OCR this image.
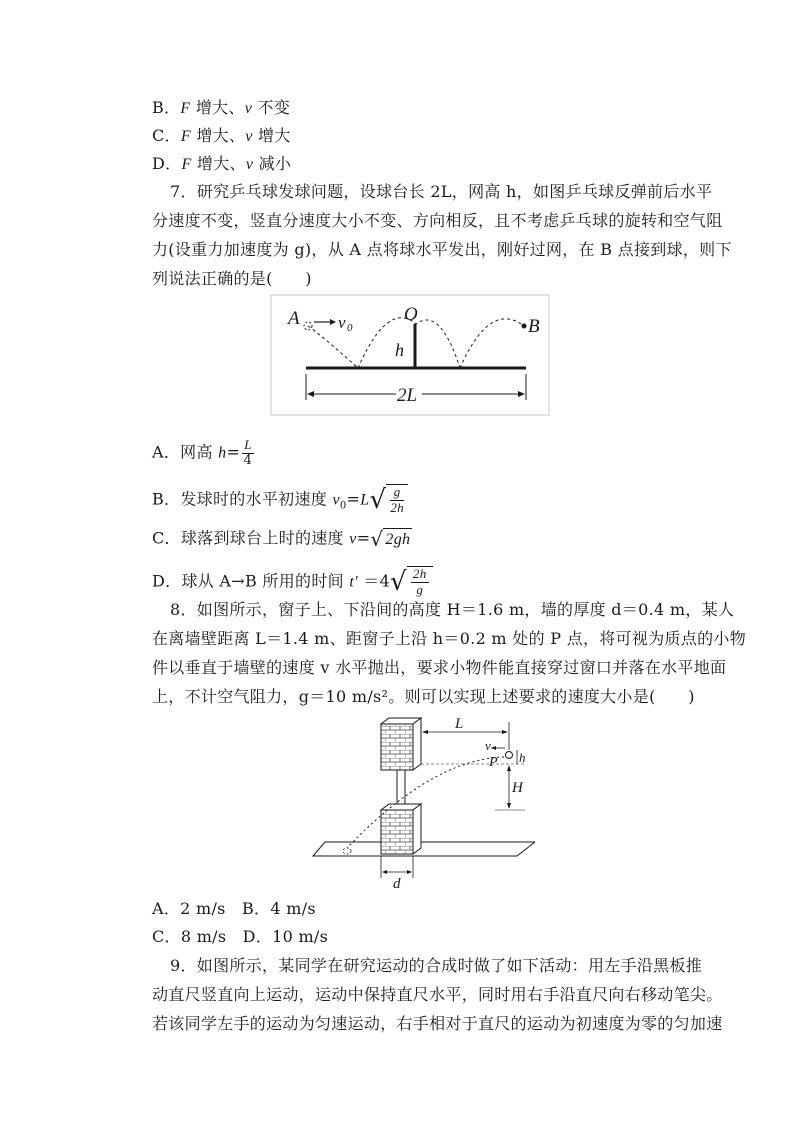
B．F 增大、v 不变
C．F 增大、v 增大
D．F 增大、v 减小
7．研究乒乓球发球问题，设球台长 2L，网高 h，如图乒乓球反弹前后水平
分速度不变，竖直分速度大小不变、方向相反，且不考虑乒乓球的旋转和空气阻
力(设重力加速度为 g)，从 A 点将球水平发出，刚好过网，在 B 点接到球，则下
列说法正确的是(　　)
A v 0
O
h
B
2L
A．网高 $h= \frac{L}{4}$
B．发球时的水平初速度 $v_0=L√ \frac{g}{2h}$
C．球落到球台上时的速度 v=√ 2gh
D．球从 A→B 所用的时间 $t' =4√ \frac{2h}{g}$
8．如图所示，窗子上、下沿间的高度 H＝1.6 m，墙的厚度 d＝0.4 m，某人
在离墙壁距离 L＝1.4 m、距窗子上沿 h＝0.2 m 处的 P 点，将可视为质点的小物
件以垂直于墙壁的速度 v 水平抛出，要求小物件能直接穿过窗口并落在水平地面
上，不计空气阻力，g＝10 m/s²。则可以实现上述要求的速度大小是(　　)
L
v
P h
H
d
A．2 m/s　B．4 m/s
C．8 m/s　D．10 m/s
9．如图所示，某同学在研究运动的合成时做了如下活动：用左手沿黑板推
动直尺竖直向上运动，运动中保持直尺水平，同时用右手沿直尺向右移动笔尖。
若该同学左手的运动为匀速运动，右手相对于直尺的运动为初速度为零的匀加速
